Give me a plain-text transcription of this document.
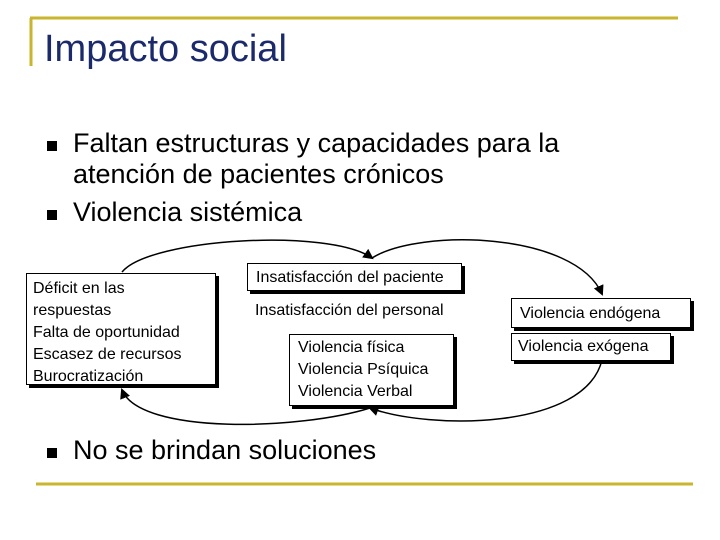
Impacto social
Faltan estructuras y capacidades para la
atención de pacientes crónicos
Violencia sistémica
Déficit en las
respuestas
Falta de oportunidad
Escasez de recursos
Burocratización
Insatisfacción del paciente
Insatisfacción del personal
Violencia física
Violencia Psíquica
Violencia Verbal
Violencia endógena
Violencia exógena
No se brindan soluciones
